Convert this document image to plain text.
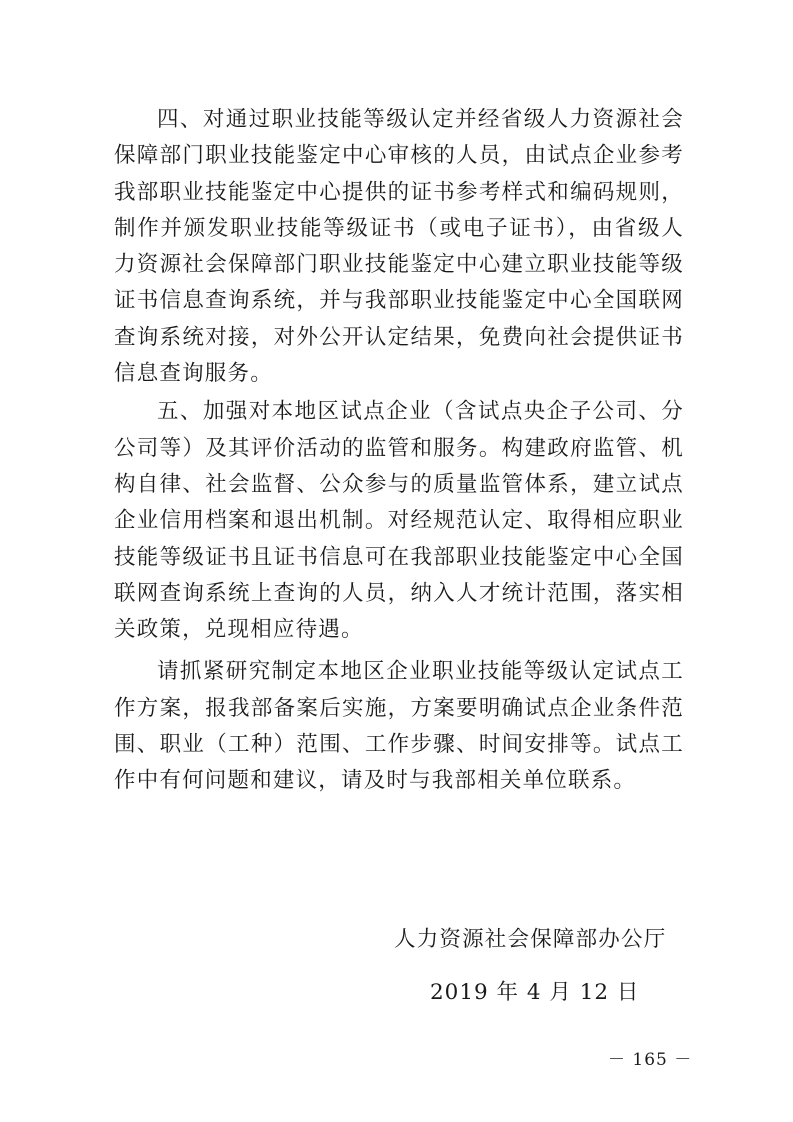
四、对通过职业技能等级认定并经省级人力资源社会保障部门职业技能鉴定中心审核的人员，由试点企业参考我部职业技能鉴定中心提供的证书参考样式和编码规则，制作并颁发职业技能等级证书（或电子证书），由省级人力资源社会保障部门职业技能鉴定中心建立职业技能等级证书信息查询系统，并与我部职业技能鉴定中心全国联网查询系统对接，对外公开认定结果，免费向社会提供证书信息查询服务。

五、加强对本地区试点企业（含试点央企子公司、分公司等）及其评价活动的监管和服务。构建政府监管、机构自律、社会监督、公众参与的质量监管体系，建立试点企业信用档案和退出机制。对经规范认定、取得相应职业技能等级证书且证书信息可在我部职业技能鉴定中心全国联网查询系统上查询的人员，纳入人才统计范围，落实相关政策，兑现相应待遇。

请抓紧研究制定本地区企业职业技能等级认定试点工作方案，报我部备案后实施，方案要明确试点企业条件范围、职业（工种）范围、工作步骤、时间安排等。试点工作中有何问题和建议，请及时与我部相关单位联系。

人力资源社会保障部办公厅
2019 年 4 月 12 日
－ 165 －
